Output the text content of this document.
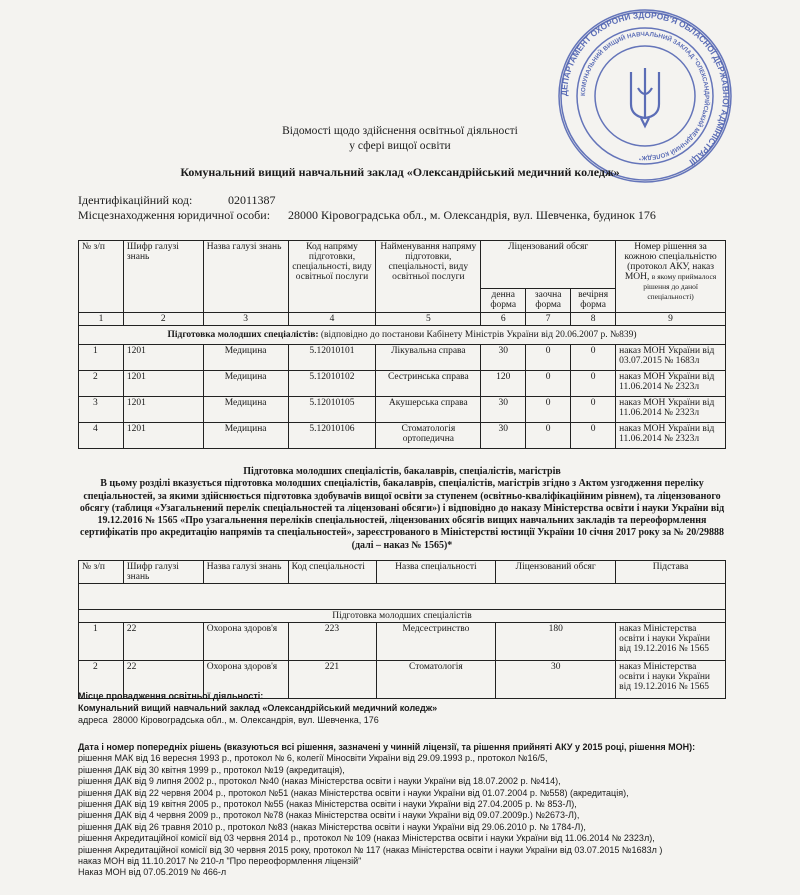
ДЕПАРТАМЕНТ ОХОРОНИ ЗДОРОВ'Я ОБЛАСНОЇ ДЕРЖАВНОЇ АДМІНІСТРАЦІЇ
КОМУНАЛЬНИЙ ВИЩИЙ НАВЧАЛЬНИЙ ЗАКЛАД "ОЛЕКСАНДРІЙСЬКИЙ МЕДИЧНИЙ КОЛЕДЖ"
Відомості щодо здійснення освітньої діяльності
у сфері вищої освіти
Комунальний вищий навчальний заклад «Олександрійський медичний коледж»
Ідентифікаційний код:	02011387
Місцезнаходження юридичної особи: 28000 Кіровоградська обл., м. Олександрія, вул. Шевченка, будинок 176
№ з/п	Шифр галузі знань	Назва галузі знань	Код напряму підготовки, спеціальності, виду освітньої послуги	Найменування напряму підготовки, спеціальності, виду освітньої послуги	Ліцензований обсяг			Номер рішення за кожною спеціальністю (протокол АКУ, наказ МОН, в якому приймалося рішення до даної спеціальності)
					денна форма	заочна форма	вечірня форма	
1	2	3	4	5	6	7	8	9
Підготовка молодших спеціалістів: (відповідно до постанови Кабінету Міністрів України від 20.06.2007 р. №839)								
1	1201	Медицина	5.12010101	Лікувальна справа	30	0	0	наказ МОН України від 03.07.2015 № 1683л
2	1201	Медицина	5.12010102	Сестринська справа	120	0	0	наказ МОН України від 11.06.2014 № 2323л
3	1201	Медицина	5.12010105	Акушерська справа	30	0	0	наказ МОН України від 11.06.2014 № 2323л
4	1201	Медицина	5.12010106	Стоматологія ортопедична	30	0	0	наказ МОН України від 11.06.2014 № 2323л
Підготовка молодших спеціалістів, бакалаврів, спеціалістів, магістрів
В цьому розділі вказується підготовка молодших спеціалістів, бакалаврів, спеціалістів, магістрів згідно з Актом узгодження переліку спеціальностей, за якими здійснюється підготовка здобувачів вищої освіти за ступенем (освітньо-кваліфікаційним рівнем), та ліцензованого обсягу (таблиця «Узагальнений перелік спеціальностей та ліцензовані обсяги») і відповідно до наказу Міністерства освіти і науки України від 19.12.2016 № 1565 «Про узагальнення переліків спеціальностей, ліцензованих обсягів вищих навчальних закладів та переоформлення сертифікатів про акредитацію напрямів та спеціальностей», зареєстрованого в Міністерстві юстиції України 10 січня 2017 року за № 20/29888 (далі – наказ № 1565)*
№ з/п	Шифр галузі знань	Назва галузі знань	Код спеціальності	Назва спеціальності	Ліцензований обсяг	Підстава

Підготовка молодших спеціалістів						
1	22	Охорона здоров'я	223	Медсестринство	180	наказ Міністерства освіти і науки України від 19.12.2016 № 1565
2	22	Охорона здоров'я	221	Стоматологія	30	наказ Міністерства освіти і науки України від 19.12.2016 № 1565
Місце провадження освітньої діяльності:
Комунальний вищий навчальний заклад «Олександрійський медичний коледж»
адреса 28000 Кіровоградська обл., м. Олександрія, вул. Шевченка, 176
Дата і номер попередніх рішень (вказуються всі рішення, зазначені у чинній ліцензії, та рішення прийняті АКУ у 2015 році, рішення МОН):
рішення МАК від 16 вересня 1993 р., протокол № 6, колегії Міносвіти України від 29.09.1993 р., протокол №16/5,
рішення ДАК від 30 квітня 1999 р., протокол №19 (акредитація),
рішення ДАК від 9 липня 2002 р., протокол №40 (наказ Міністерства освіти і науки України від 18.07.2002 р. №414),
рішення ДАК від 22 червня 2004 р., протокол №51 (наказ Міністерства освіти і науки України від 01.07.2004 р. №558) (акредитація),
рішення ДАК від 19 квітня 2005 р., протокол №55 (наказ Міністерства освіти і науки України від 27.04.2005 р. № 853-Л),
рішення ДАК від 4 червня 2009 р., протокол №78 (наказ Міністерства освіти і науки України від 09.07.2009р.) №2673-Л),
рішення ДАК від 26 травня 2010 р., протокол №83 (наказ Міністерства освіти і науки України від 29.06.2010 р. № 1784-Л),
рішення Акредитаційної комісії від 03 червня 2014 р., протокол № 109 (наказ Міністерства освіти і науки України від 11.06.2014 № 2323л),
рішення Акредитаційної комісії від 30 червня 2015 року, протокол № 117 (наказ Міністерства освіти і науки України від 03.07.2015 №1683л )
наказ МОН від 11.10.2017 № 210-л "Про переоформлення ліцензій"
Наказ МОН від 07.05.2019 № 466-л
